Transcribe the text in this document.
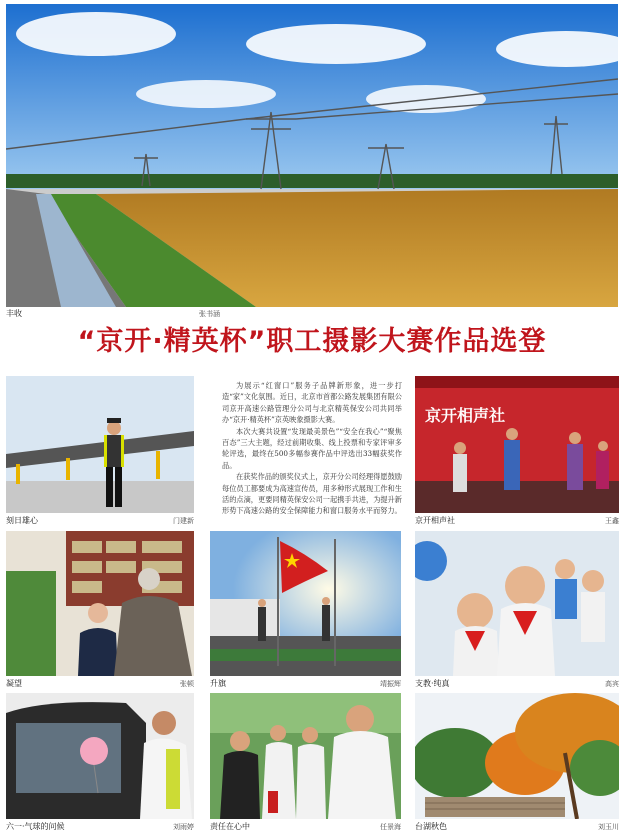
丰收	张书涵
“京开·精英杯”职工摄影大赛作品选登
刻日雄心	门建新

为展示“红窗口”服务子品牌新形象，进一步打造“家”文化氛围。近日，北京市首都公路发展集团有限公司京开高速公路管理分公司与北京精英保安公司共同举办“京开·精英杯”京英映象摄影大赛。

本次大赛共设置“发现最美景色”“安全在我心”“聚焦百态”三大主题，经过前期收集、线上投票和专家评审多轮评选，最终在500多幅参赛作品中评选出33幅获奖作品。

在获奖作品的颁奖仪式上，京开分公司经理得愿鼓励每位员工都要成为高速宣传员，用多种形式展现工作和生活的点滴，更要同精英保安公司一起携手共进，为提升新形势下高速公路的安全保障能力和窗口服务水平而努力。

京开相声社
京开相声社	王鑫
凝望	张顿 升旗	靖振辉 支教·纯真	高宾
六一·气球的问候	刘雨婷 责任在心中	任景海 台湖秋色	刘玉川
